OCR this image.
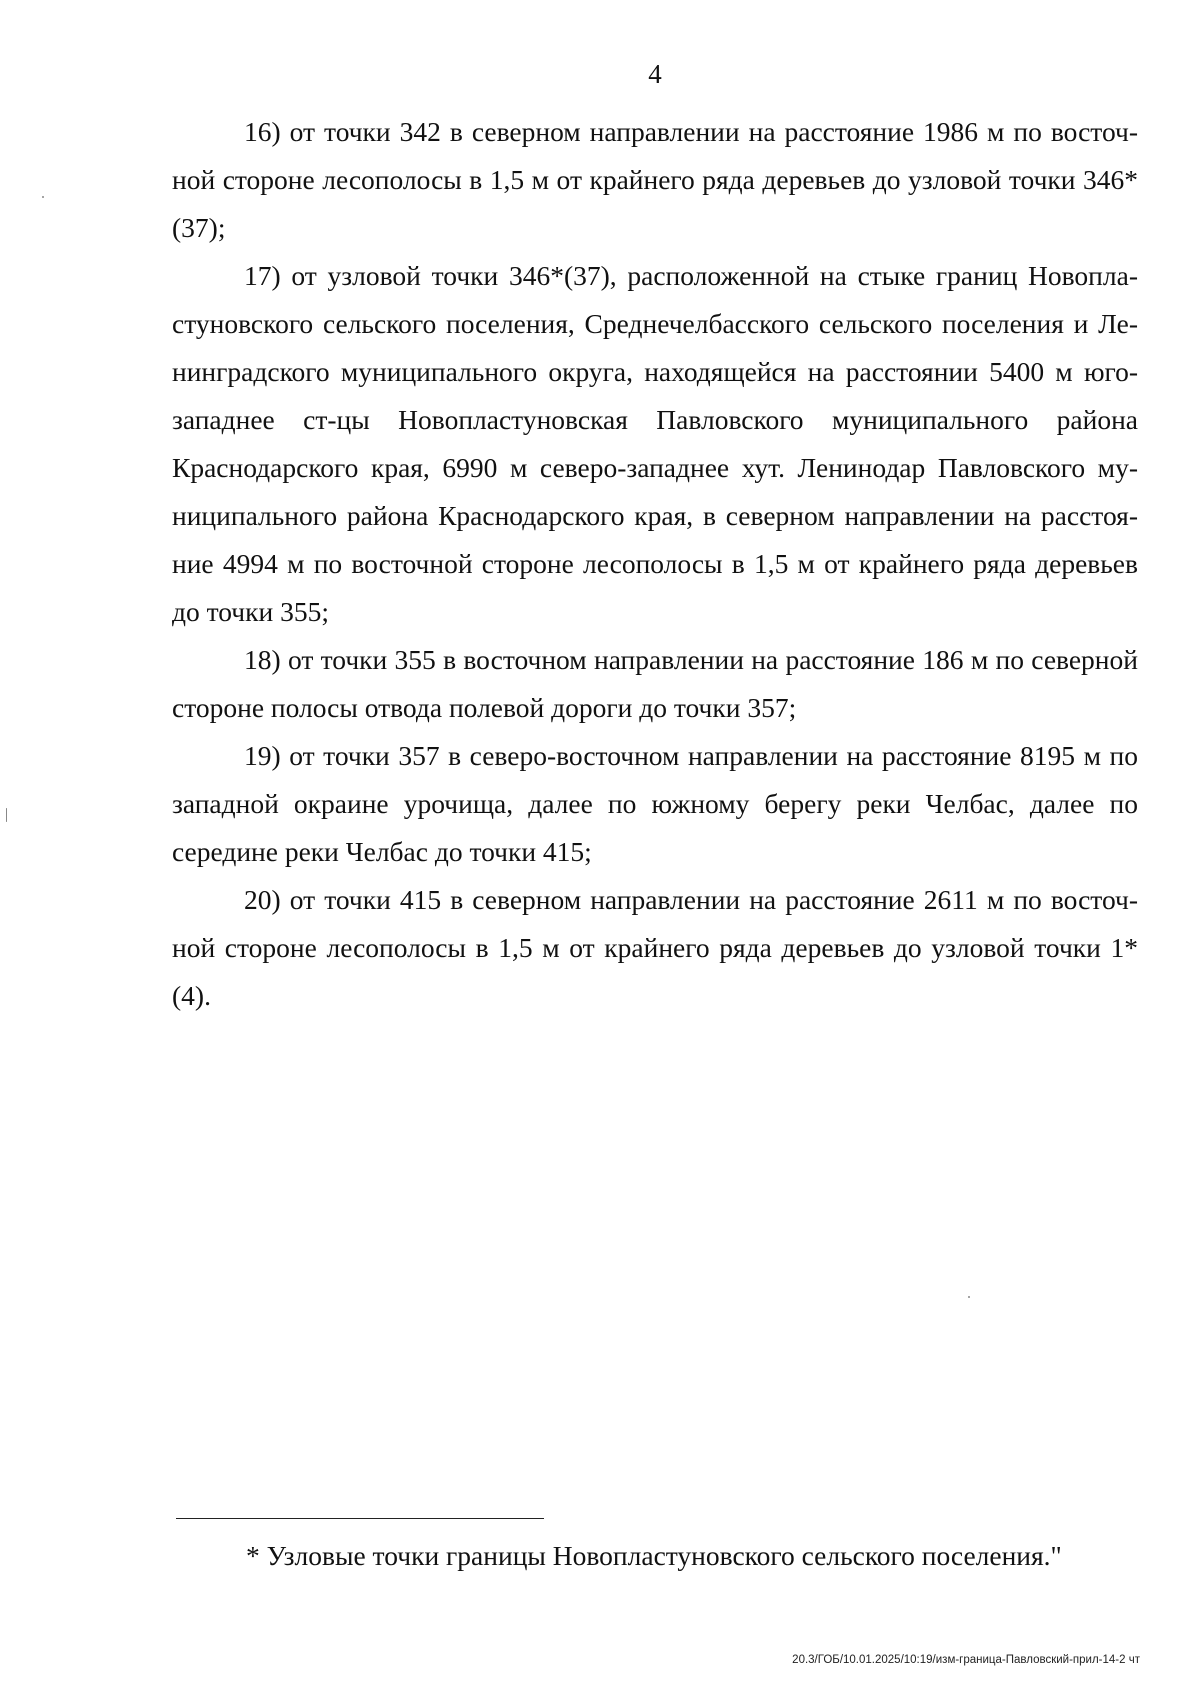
4

16) от точки 342 в северном направлении на расстояние 1986 м по восточной стороне лесополосы в 1,5 м от крайнего ряда деревьев до узловой точки 346*(37);

17) от узловой точки 346*(37), расположенной на стыке границ Новопластуновского сельского поселения, Среднечелбасского сельского поселения и Ленинградского муниципального округа, находящейся на расстоянии 5400 м юго-западнее ст-цы Новопластуновская Павловского муниципального района Краснодарского края, 6990 м северо-западнее хут. Ленинодар Павловского муниципального района Краснодарского края, в северном направлении на расстояние 4994 м по восточной стороне лесополосы в 1,5 м от крайнего ряда деревьев до точки 355;

18) от точки 355 в восточном направлении на расстояние 186 м по северной стороне полосы отвода полевой дороги до точки 357;

19) от точки 357 в северо-восточном направлении на расстояние 8195 м по западной окраине урочища, далее по южному берегу реки Челбас, далее по середине реки Челбас до точки 415;

20) от точки 415 в северном направлении на расстояние 2611 м по восточной стороне лесополосы в 1,5 м от крайнего ряда деревьев до узловой точки 1*(4).

* Узловые точки границы Новопластуновского сельского поселения."
20.3/ГОБ/10.01.2025/10:19/изм-граница-Павловский-прил-14-2 чт
